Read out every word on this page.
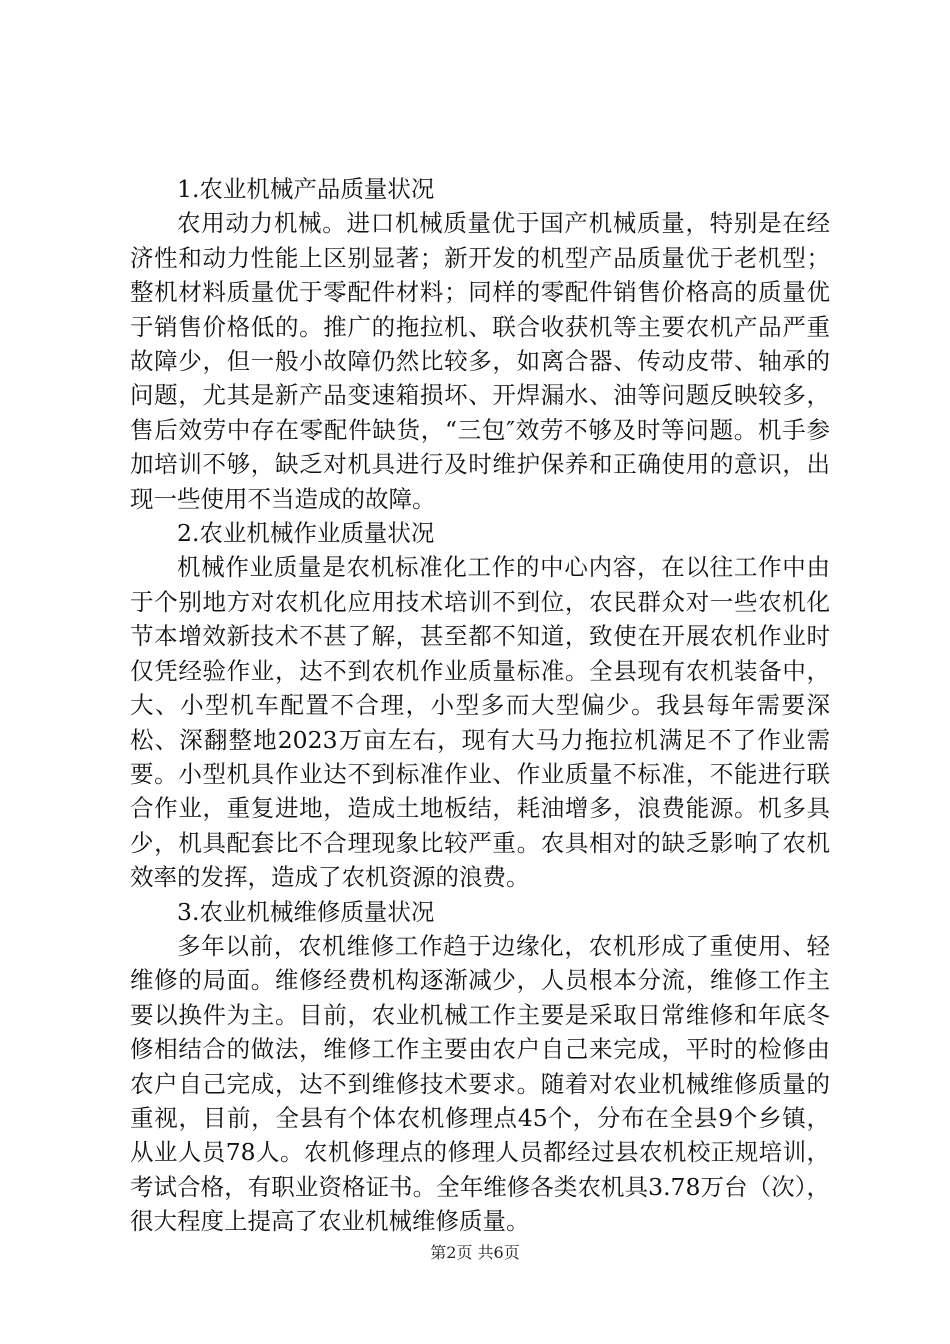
1.农业机械产品质量状况

农用动力机械。进口机械质量优于国产机械质量，特别是在经济性和动力性能上区别显著；新开发的机型产品质量优于老机型；整机材料质量优于零配件材料；同样的零配件销售价格高的质量优于销售价格低的。推广的拖拉机、联合收获机等主要农机产品严重故障少，但一般小故障仍然比较多，如离合器、传动皮带、轴承的问题，尤其是新产品变速箱损坏、开焊漏水、油等问题反映较多，售后效劳中存在零配件缺货，“三包″效劳不够及时等问题。机手参加培训不够，缺乏对机具进行及时维护保养和正确使用的意识，出现一些使用不当造成的故障。

2.农业机械作业质量状况

机械作业质量是农机标准化工作的中心内容，在以往工作中由于个别地方对农机化应用技术培训不到位，农民群众对一些农机化节本增效新技术不甚了解，甚至都不知道，致使在开展农机作业时仅凭经验作业，达不到农机作业质量标准。全县现有农机装备中，大、小型机车配置不合理，小型多而大型偏少。我县每年需要深松、深翻整地2023万亩左右，现有大马力拖拉机满足不了作业需要。小型机具作业达不到标准作业、作业质量不标准，不能进行联合作业，重复进地，造成土地板结，耗油增多，浪费能源。机多具少，机具配套比不合理现象比较严重。农具相对的缺乏影响了农机效率的发挥，造成了农机资源的浪费。

3.农业机械维修质量状况

多年以前，农机维修工作趋于边缘化，农机形成了重使用、轻维修的局面。维修经费机构逐渐减少，人员根本分流，维修工作主要以换件为主。目前，农业机械工作主要是采取日常维修和年底冬修相结合的做法，维修工作主要由农户自己来完成，平时的检修由农户自己完成，达不到维修技术要求。随着对农业机械维修质量的重视，目前，全县有个体农机修理点45个，分布在全县9个乡镇，从业人员78人。农机修理点的修理人员都经过县农机校正规培训，考试合格，有职业资格证书。全年维修各类农机具3.78万台（次），很大程度上提高了农业机械维修质量。

第2页 共6页
